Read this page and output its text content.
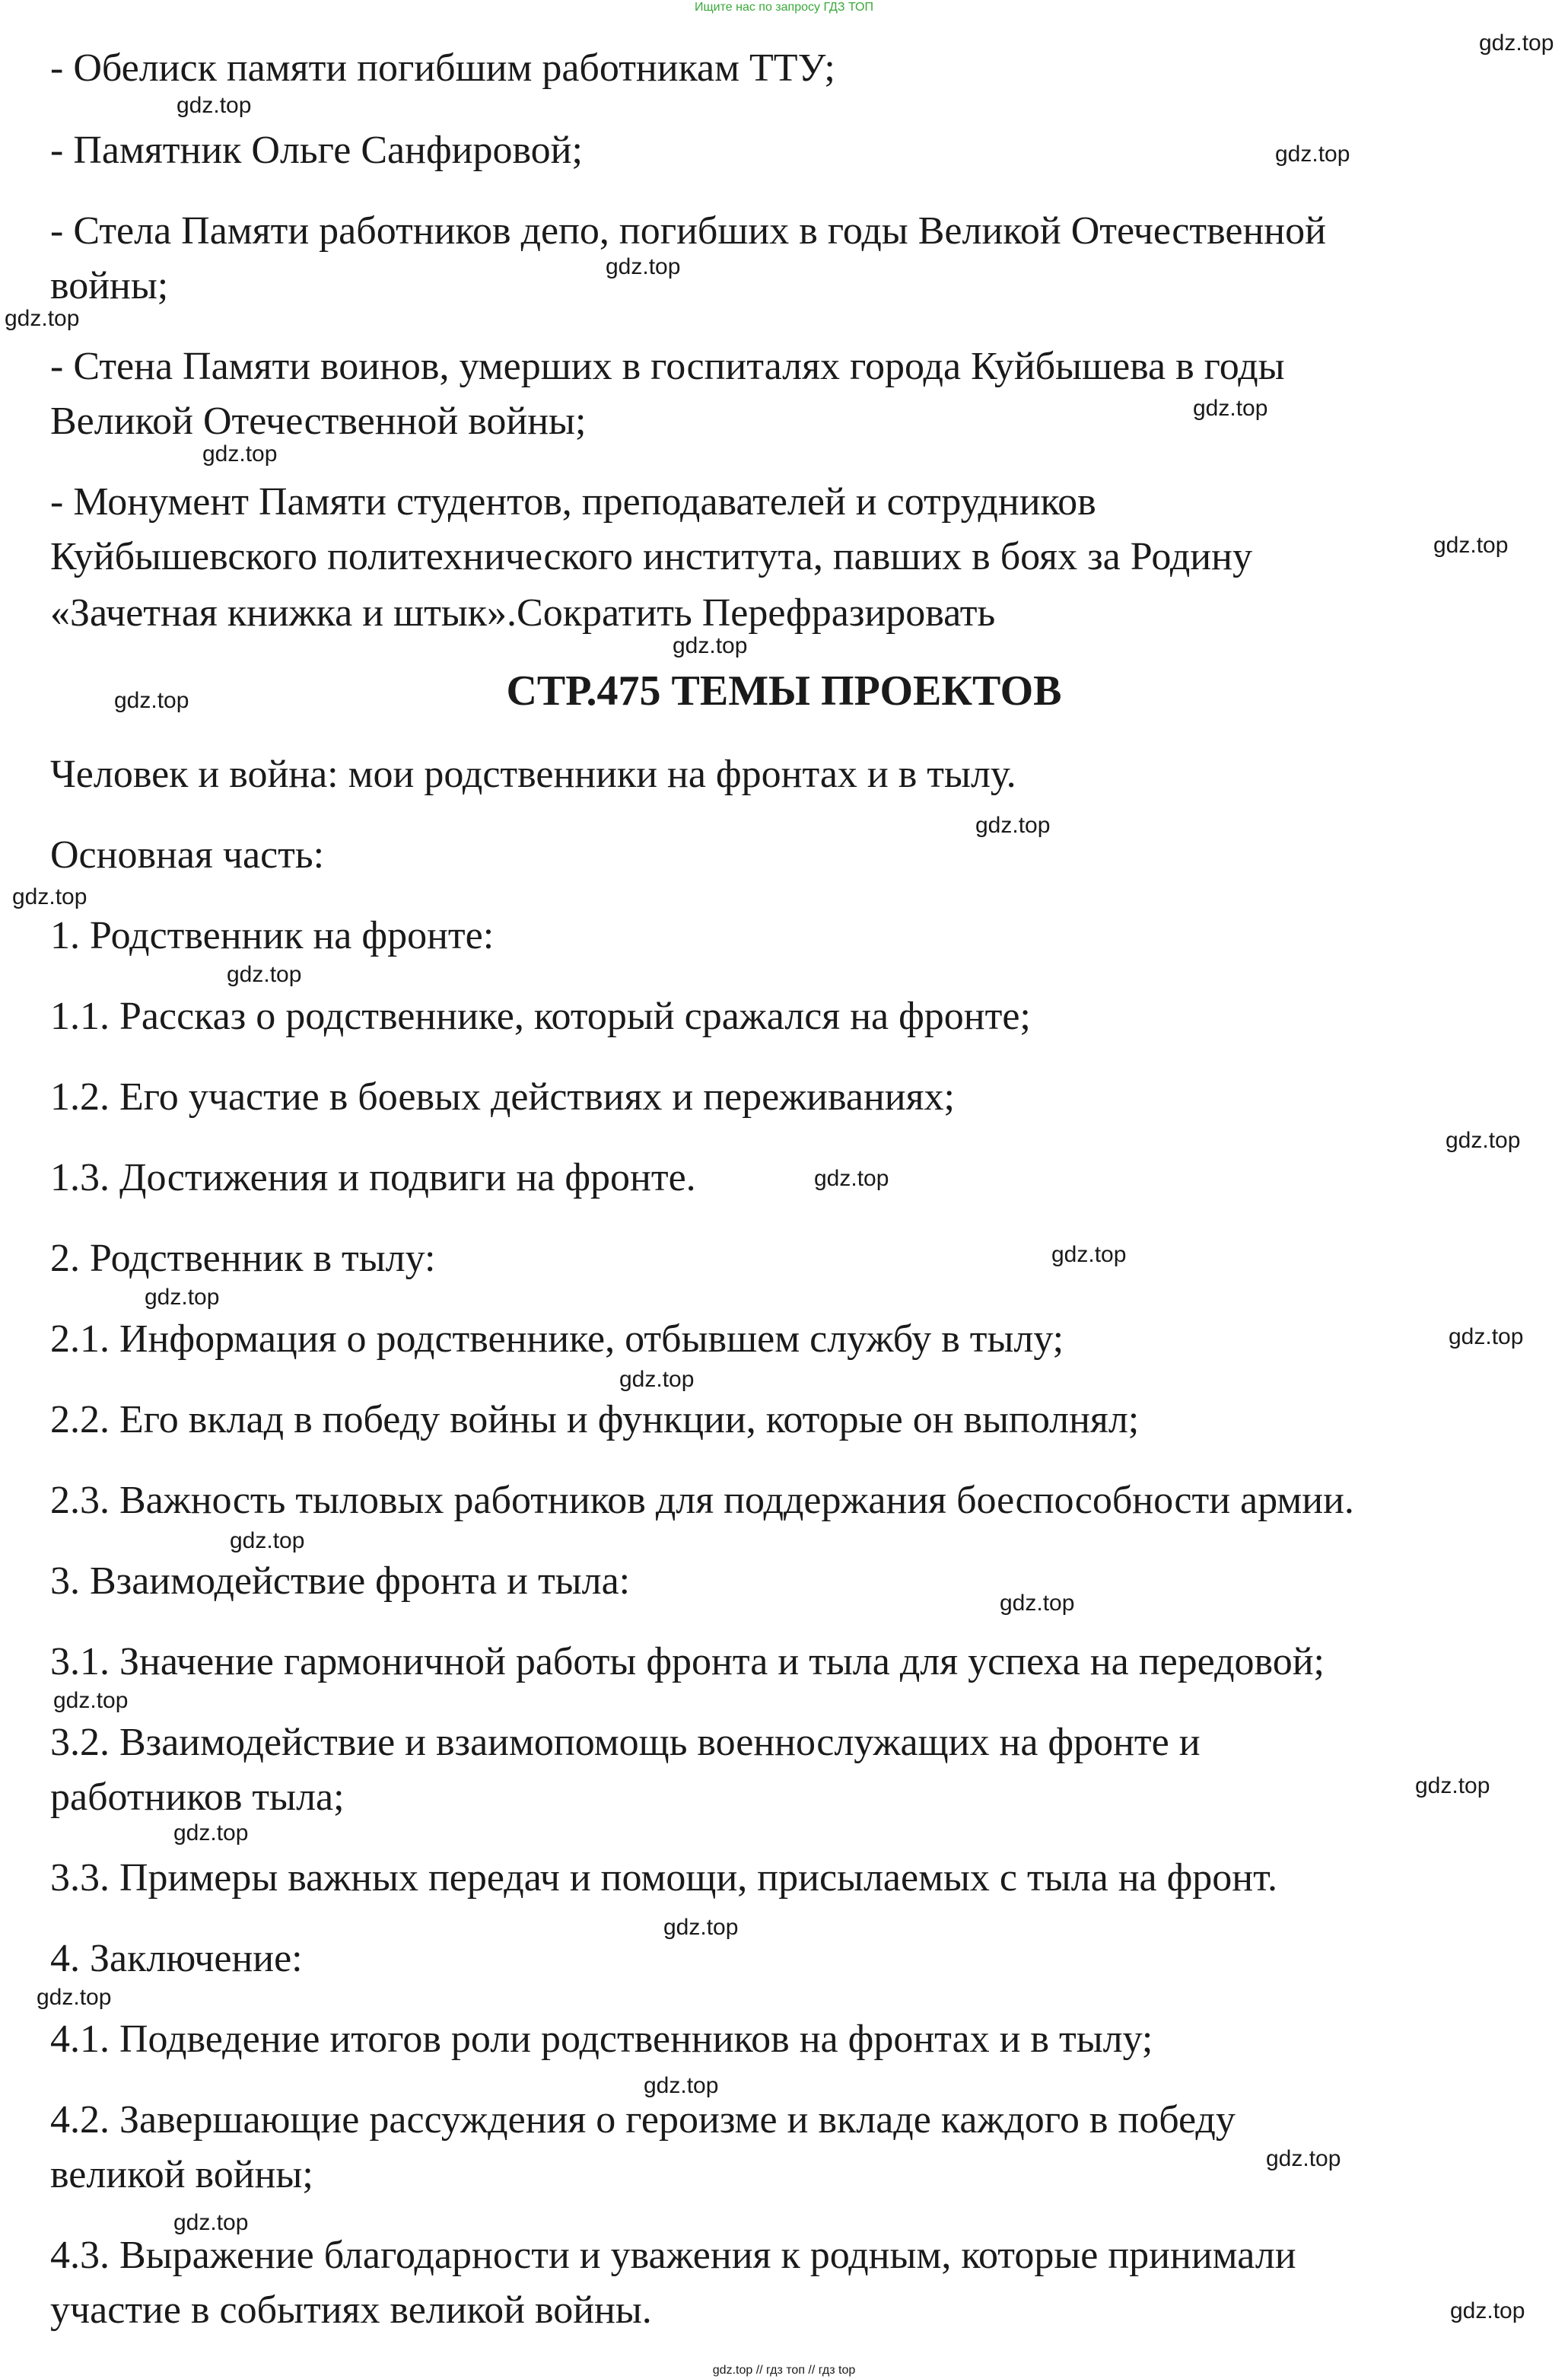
Ищите нас по запросу ГДЗ ТОП
- Обелиск памяти погибшим работникам ТТУ;
- Памятник Ольге Санфировой;
- Стела Памяти работников депо, погибших в годы Великой Отечественной
войны;
- Стена Памяти воинов, умерших в госпиталях города Куйбышева в годы
Великой Отечественной войны;
- Монумент Памяти студентов, преподавателей и сотрудников
Куйбышевского политехнического института, павших в боях за Родину
«Зачетная книжка и штык».Сократить Перефразировать
СТР.475 ТЕМЫ ПРОЕКТОВ
Человек и война: мои родственники на фронтах и в тылу.
Основная часть:
1. Родственник на фронте:
1.1. Рассказ о родственнике, который сражался на фронте;
1.2. Его участие в боевых действиях и переживаниях;
1.3. Достижения и подвиги на фронте.
2. Родственник в тылу:
2.1. Информация о родственнике, отбывшем службу в тылу;
2.2. Его вклад в победу войны и функции, которые он выполнял;
2.3. Важность тыловых работников для поддержания боеспособности армии.
3. Взаимодействие фронта и тыла:
3.1. Значение гармоничной работы фронта и тыла для успеха на передовой;
3.2. Взаимодействие и взаимопомощь военнослужащих на фронте и
работников тыла;
3.3. Примеры важных передач и помощи, присылаемых с тыла на фронт.
4. Заключение:
4.1. Подведение итогов роли родственников на фронтах и в тылу;
4.2. Завершающие рассуждения о героизме и вкладе каждого в победу
великой войны;
4.3. Выражение благодарности и уважения к родным, которые принимали
участие в событиях великой войны.
gdz.top
gdz.top
gdz.top
gdz.top
gdz.top
gdz.top
gdz.top
gdz.top
gdz.top
gdz.top
gdz.top
gdz.top
gdz.top
gdz.top
gdz.top
gdz.top
gdz.top
gdz.top
gdz.top
gdz.top
gdz.top
gdz.top
gdz.top
gdz.top
gdz.top
gdz.top
gdz.top
gdz.top
gdz.top
gdz.top
gdz.top // гдз топ // гдз top
